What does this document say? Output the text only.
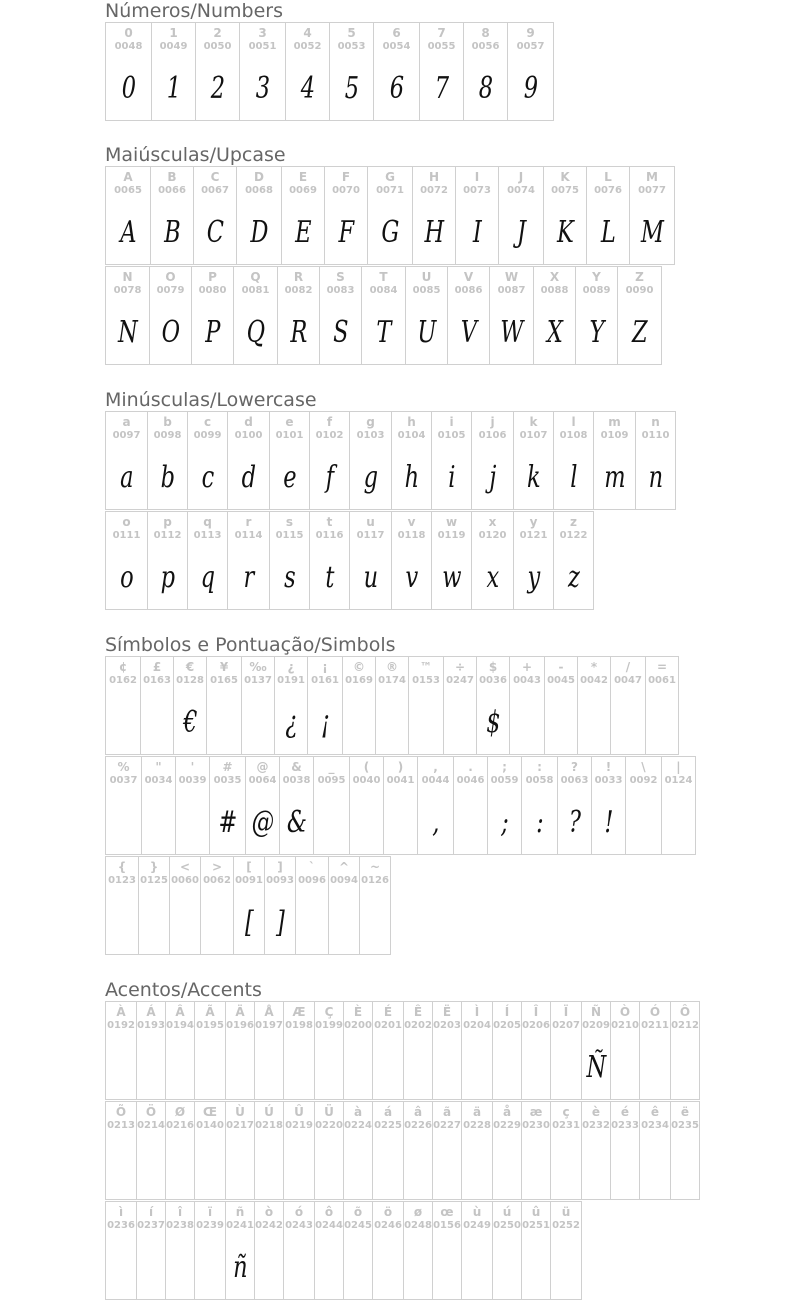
Números/Numbers
0
0048
0
1
0049
1
2
0050
2
3
0051
3
4
0052
4
5
0053
5
6
0054
6
7
0055
7
8
0056
8
9
0057
9
Maiúsculas/Upcase
A
0065
A
B
0066
B
C
0067
C
D
0068
D
E
0069
E
F
0070
F
G
0071
G
H
0072
H
I
0073
I
J
0074
J
K
0075
K
L
0076
L
M
0077
M
N
0078
N
O
0079
O
P
0080
P
Q
0081
Q
R
0082
R
S
0083
S
T
0084
T
U
0085
U
V
0086
V
W
0087
W
X
0088
X
Y
0089
Y
Z
0090
Z
Minúsculas/Lowercase
a
0097
a
b
0098
b
c
0099
c
d
0100
d
e
0101
e
f
0102
f
g
0103
g
h
0104
h
i
0105
i
j
0106
j
k
0107
k
l
0108
l
m
0109
m
n
0110
n
o
0111
o
p
0112
p
q
0113
q
r
0114
r
s
0115
s
t
0116
t
u
0117
u
v
0118
v
w
0119
w
x
0120
x
y
0121
y
z
0122
z
Símbolos e Pontuação/Simbols
¢
0162
£
0163
€
0128
€
¥
0165
‰
0137
¿
0191
¿
¡
0161
¡
©
0169
®
0174
™
0153
÷
0247
$
0036
$
+
0043
-
0045
*
0042
/
0047
=
0061
%
0037
"
0034
'
0039
#
0035
#
@
0064
@
&
0038
&
_
0095
(
0040
)
0041
,
0044
,
.
0046
;
0059
;
:
0058
:
?
0063
?
!
0033
!
\
0092
|
0124
{
0123
}
0125
<
0060
>
0062
[
0091
[
]
0093
]
`
0096
^
0094
~
0126
Acentos/Accents
À
0192
Á
0193
Â
0194
Ã
0195
Ä
0196
Å
0197
Æ
0198
Ç
0199
È
0200
É
0201
Ê
0202
Ë
0203
Ì
0204
Í
0205
Î
0206
Ï
0207
Ñ
0209
Ñ
Ò
0210
Ó
0211
Ô
0212
Õ
0213
Ö
0214
Ø
0216
Œ
0140
Ù
0217
Ú
0218
Û
0219
Ü
0220
à
0224
á
0225
â
0226
ã
0227
ä
0228
å
0229
æ
0230
ç
0231
è
0232
é
0233
ê
0234
ë
0235
ì
0236
í
0237
î
0238
ï
0239
ñ
0241
ñ
ò
0242
ó
0243
ô
0244
õ
0245
ö
0246
ø
0248
œ
0156
ù
0249
ú
0250
û
0251
ü
0252
